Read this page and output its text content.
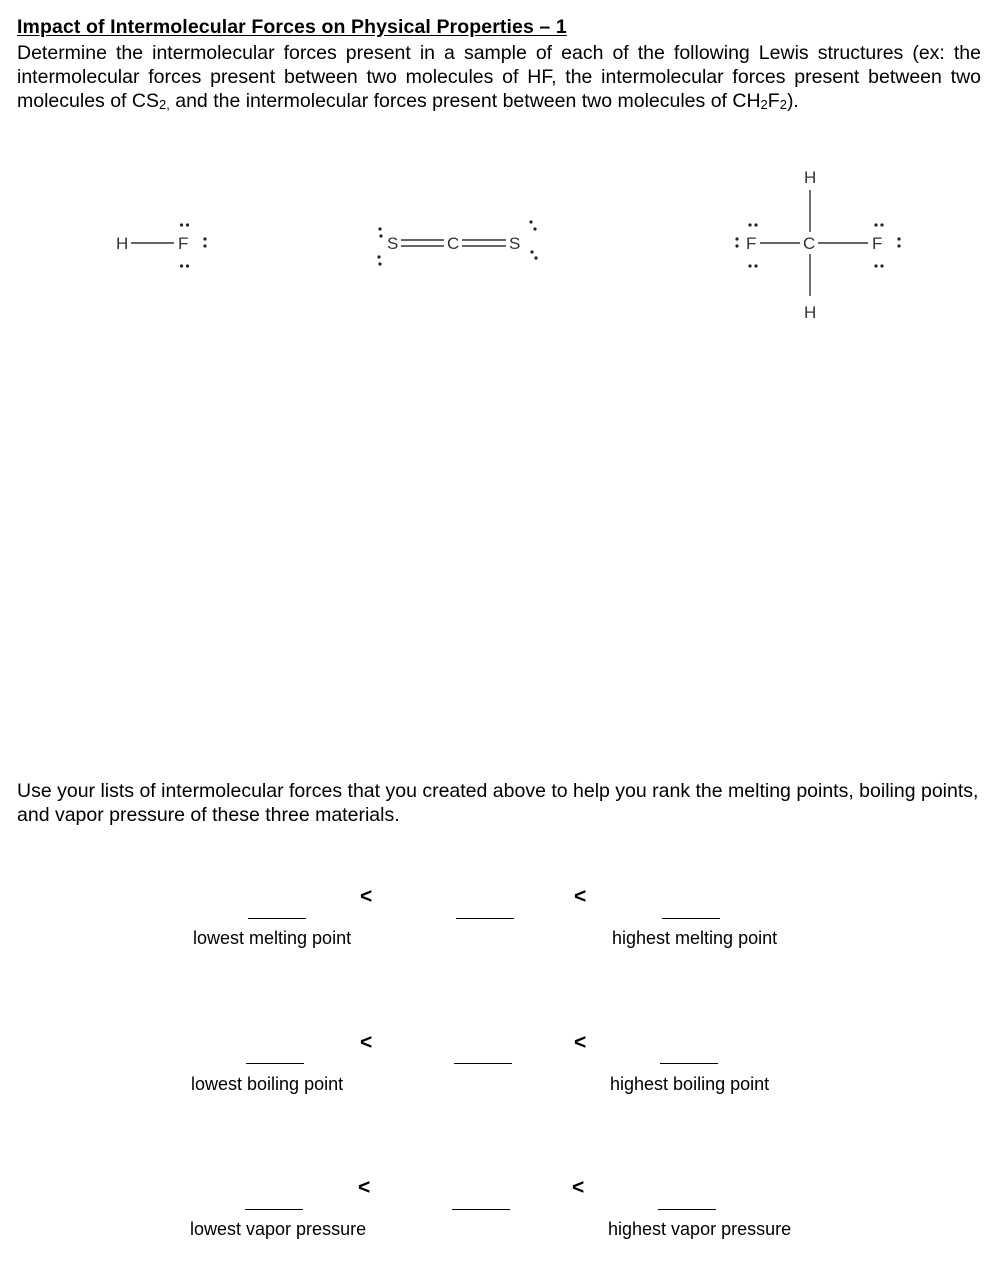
Impact of Intermolecular Forces on Physical Properties – 1
Determine the intermolecular forces present in a sample of each of the following Lewis structures (ex: the intermolecular forces present between two molecules of HF, the intermolecular forces present between two molecules of $CS_{2,}$ and the intermolecular forces present between two molecules of $CH_2F_2$).
H	F	S	C	S
H
F	C	F
H
Use your lists of intermolecular forces that you created above to help you rank the melting points, boiling points, and vapor pressure of these three materials.
<	<
lowest melting point	highest melting point
<	<
lowest boiling point	highest boiling point
<	<
lowest vapor pressure	highest vapor pressure
